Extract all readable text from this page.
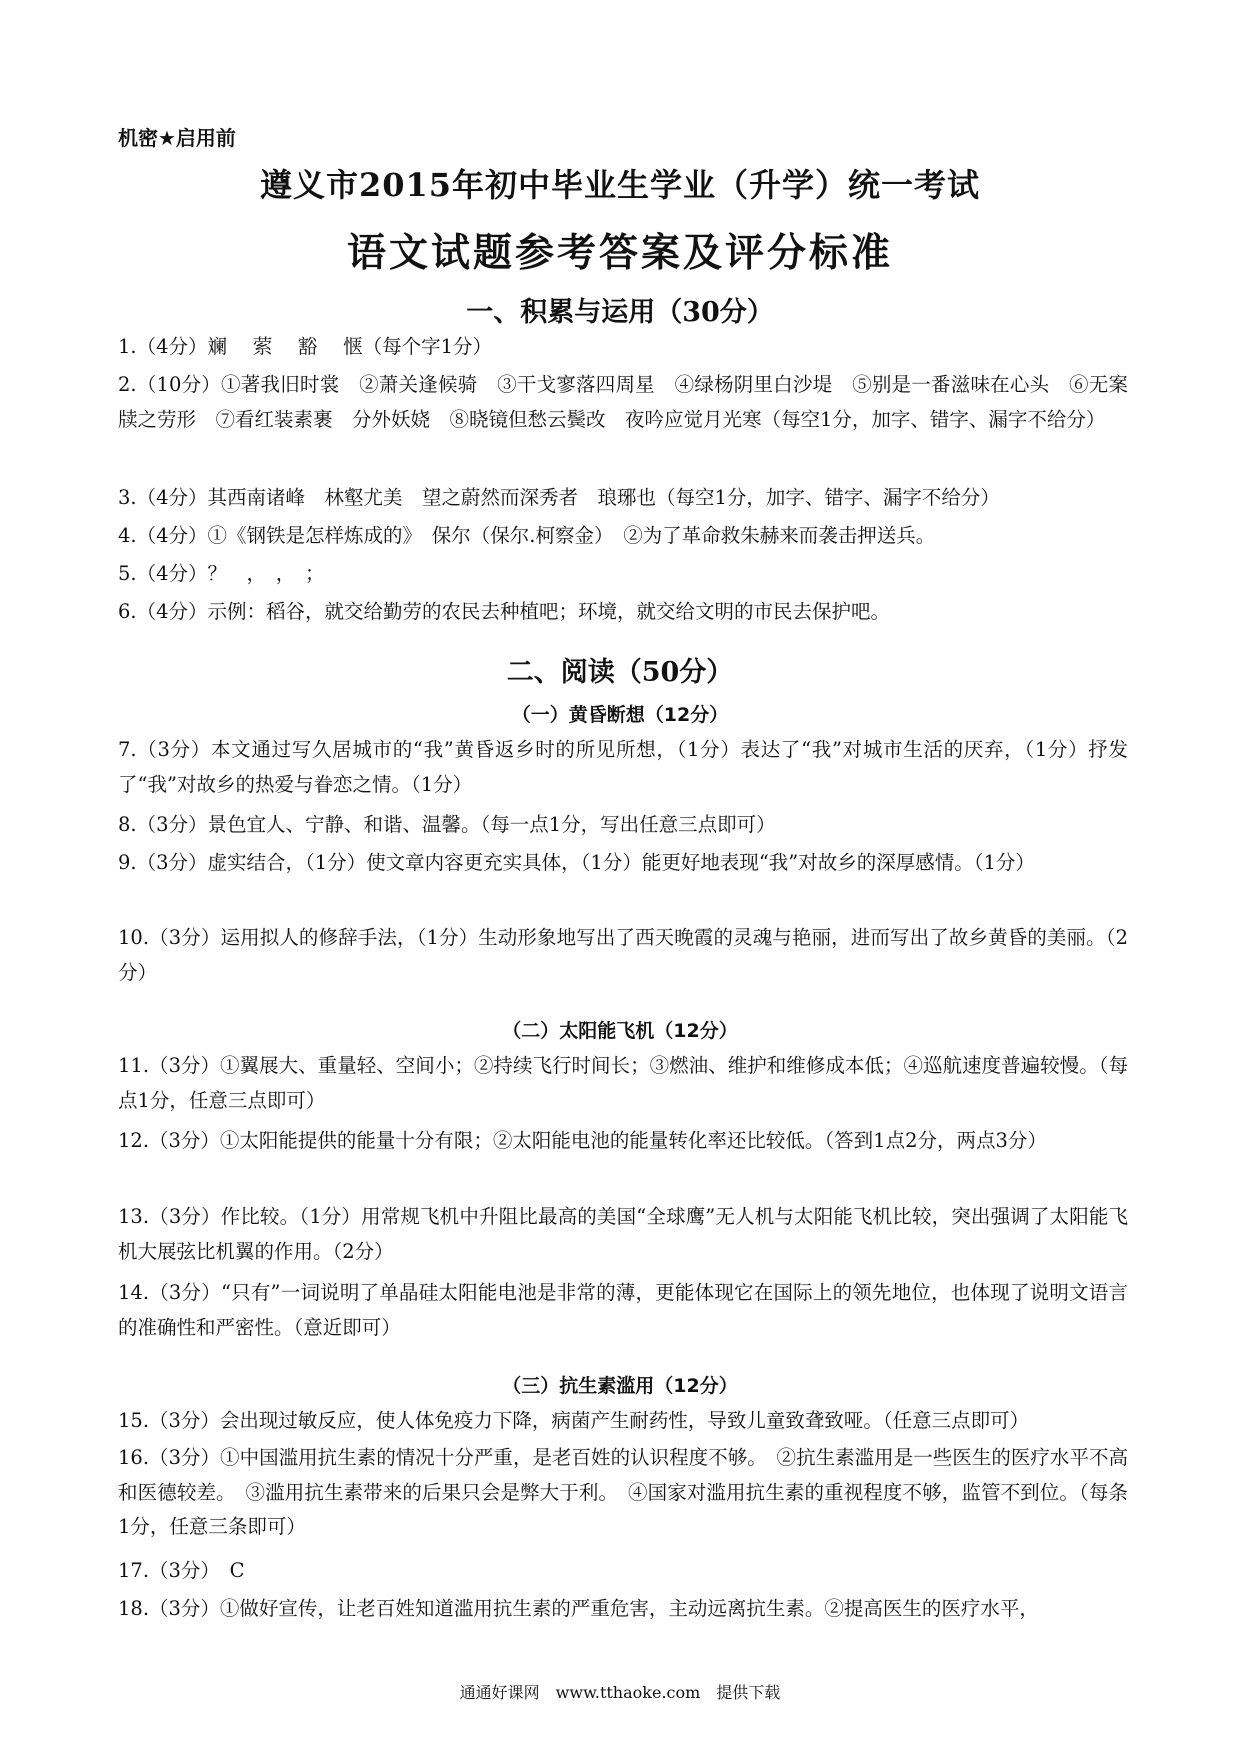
机密★启用前
遵义市2015年初中毕业生学业（升学）统一考试
语文试题参考答案及评分标准
一、积累与运用（30分）
1.（4分）斓　 萦　 豁　 惬（每个字1分）
2.（10分）①著我旧时裳　②萧关逢候骑　③干戈寥落四周星　④绿杨阴里白沙堤　⑤别是一番滋味在心头　⑥无案牍之劳形　⑦看红装素裹　分外妖娆　⑧晓镜但愁云鬓改　夜吟应觉月光寒（每空1分，加字、错字、漏字不给分）
3.（4分）其西南诸峰　林壑尤美　望之蔚然而深秀者　琅琊也（每空1分，加字、错字、漏字不给分）
4.（4分）①《钢铁是怎样炼成的》　保尔（保尔.柯察金）　②为了革命救朱赫来而袭击押送兵。
5.（4分）？　，　，　；
6.（4分）示例：稻谷，就交给勤劳的农民去种植吧；环境，就交给文明的市民去保护吧。
二、阅读（50分）
（一）黄昏断想（12分）
7.（3分）本文通过写久居城市的“我”黄昏返乡时的所见所想，（1分）表达了“我”对城市生活的厌弃，（1分）抒发了“我”对故乡的热爱与眷恋之情。（1分）
8.（3分）景色宜人、宁静、和谐、温馨。（每一点1分，写出任意三点即可）
9.（3分）虚实结合，（1分）使文章内容更充实具体，（1分）能更好地表现“我”对故乡的深厚感情。（1分）
10.（3分）运用拟人的修辞手法，（1分）生动形象地写出了西天晚霞的灵魂与艳丽，进而写出了故乡黄昏的美丽。（2分）
（二）太阳能飞机（12分）
11.（3分）①翼展大、重量轻、空间小；②持续飞行时间长；③燃油、维护和维修成本低；④巡航速度普遍较慢。（每点1分，任意三点即可）
12.（3分）①太阳能提供的能量十分有限；②太阳能电池的能量转化率还比较低。（答到1点2分，两点3分）
13.（3分）作比较。（1分）用常规飞机中升阻比最高的美国“全球鹰”无人机与太阳能飞机比较，突出强调了太阳能飞机大展弦比机翼的作用。（2分）
14.（3分）“只有”一词说明了单晶硅太阳能电池是非常的薄，更能体现它在国际上的领先地位，也体现了说明文语言的准确性和严密性。（意近即可）
（三）抗生素滥用（12分）
15.（3分）会出现过敏反应，使人体免疫力下降，病菌产生耐药性，导致儿童致聋致哑。（任意三点即可）
16.（3分）①中国滥用抗生素的情况十分严重，是老百姓的认识程度不够。　②抗生素滥用是一些医生的医疗水平不高和医德较差。　③滥用抗生素带来的后果只会是弊大于利。　④国家对滥用抗生素的重视程度不够，监管不到位。（每条1分，任意三条即可）
17.（3分）　C
18.（3分）①做好宣传，让老百姓知道滥用抗生素的严重危害，主动远离抗生素。②提高医生的医疗水平，
通通好课网　www.tthaoke.com　提供下载
